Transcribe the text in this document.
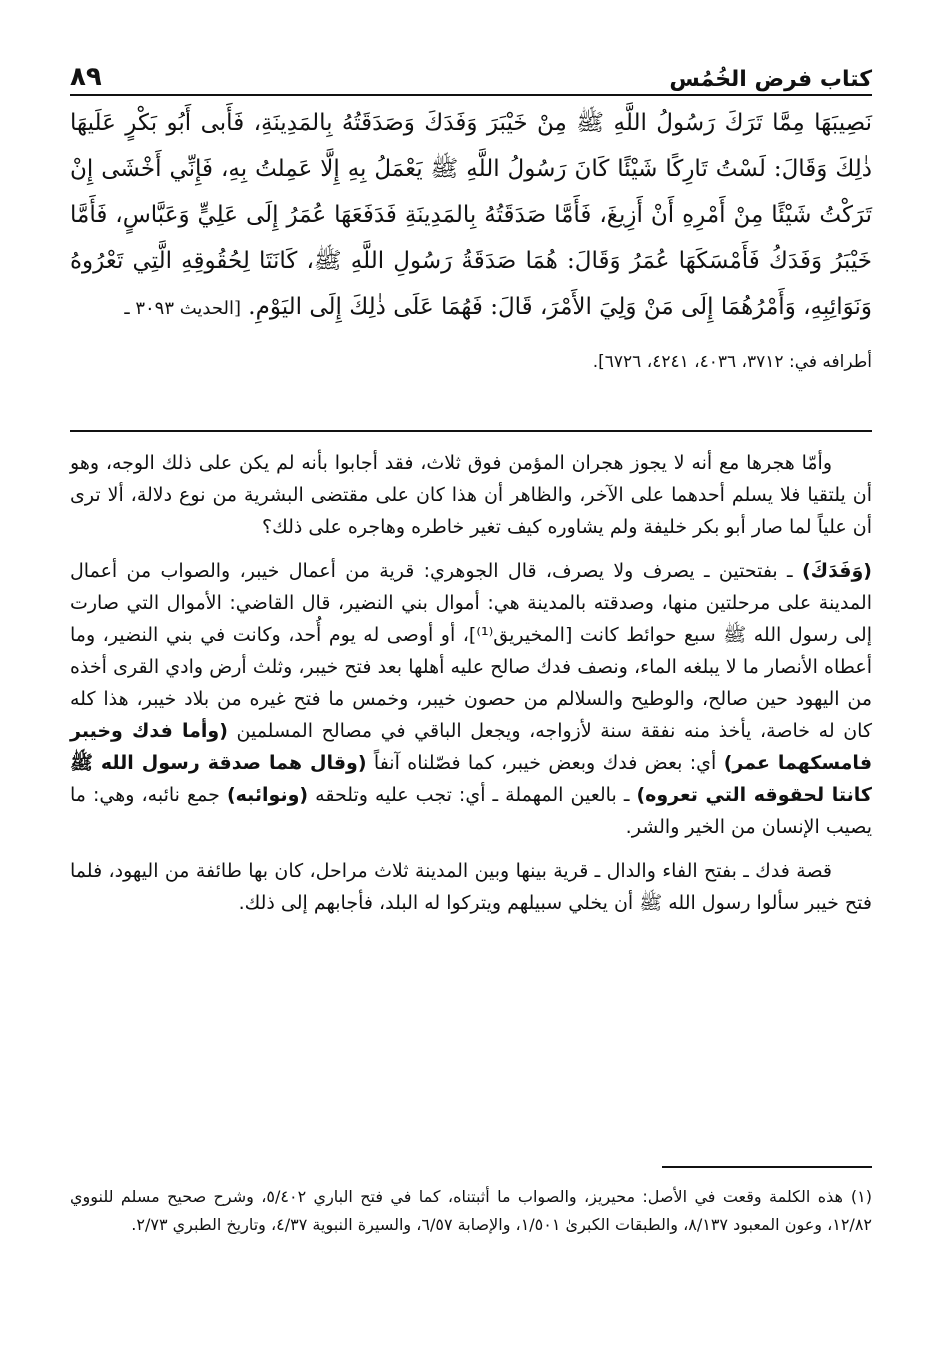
٨٩	كتاب فرض الخُمُس
نَصِيبَهَا مِمَّا تَرَكَ رَسُولُ اللَّهِ ﷺ مِنْ خَيْبَرَ وَفَدَكَ وَصَدَقَتُهُ بِالمَدِينَةِ، فَأَبى أَبُو بَكْرٍ عَلَيهَا ذٰلِكَ وَقَالَ: لَسْتُ تَارِكًا شَيْئًا كَانَ رَسُولُ اللَّهِ ﷺ يَعْمَلُ بِهِ إِلَّا عَمِلتُ بِهِ، فَإِنِّي أَخْشَى إِنْ تَرَكْتُ شَيْئًا مِنْ أَمْرِهِ أَنْ أَزِيغَ، فَأَمَّا صَدَقَتُهُ بِالمَدِينَةِ فَدَفَعَهَا عُمَرُ إِلَى عَلِيٍّ وَعَبَّاسٍ، فَأَمَّا خَيْبَرُ وَفَدَكُ فَأَمْسَكَهَا عُمَرُ وَقَالَ: هُمَا صَدَقَةُ رَسُولِ اللَّهِ ﷺ، كَانَتَا لِحُقُوقِهِ الَّتِي تَعْرُوهُ وَنَوَائِبِهِ، وَأَمْرُهُمَا إِلَى مَنْ وَلِيَ الأَمْرَ، قَالَ: فَهُمَا عَلَى ذٰلِكَ إِلَى اليَوْمِ. [الحديث ٣٠٩٣ ـ
أطرافه في: ٣٧١٢، ٤٠٣٦، ٤٢٤١، ٦٧٢٦].

وأمّا هجرها مع أنه لا يجوز هجران المؤمن فوق ثلاث، فقد أجابوا بأنه لم يكن على ذلك الوجه، وهو أن يلتقيا فلا يسلم أحدهما على الآخر، والظاهر أن هذا كان على مقتضى البشرية من نوع دلالة، ألا ترى أن علياً لما صار أبو بكر خليفة ولم يشاوره كيف تغير خاطره وهاجره على ذلك؟

(وَفَدَكَ) ـ بفتحتين ـ يصرف ولا يصرف، قال الجوهري: قرية من أعمال خيبر، والصواب من أعمال المدينة على مرحلتين منها، وصدقته بالمدينة هي: أموال بني النضير، قال القاضي: الأموال التي صارت إلى رسول الله ﷺ سبع حوائط كانت [المخيريق⁽¹⁾]، أو أوصى له يوم أُحد، وكانت في بني النضير، وما أعطاه الأنصار ما لا يبلغه الماء، ونصف فدك صالح عليه أهلها بعد فتح خيبر، وثلث أرض وادي القرى أخذه من اليهود حين صالح، والوطيح والسلالم من حصون خيبر، وخمس ما فتح غيره من بلاد خيبر، هذا كله كان له خاصة، يأخذ منه نفقة سنة لأزواجه، ويجعل الباقي في مصالح المسلمين (وأما فدك وخيبر فامسكهما عمر) أي: بعض فدك وبعض خيبر، كما فصّلناه آنفاً (وقال هما صدقة رسول الله ﷺ كانتا لحقوقه التي تعروه) ـ بالعين المهملة ـ أي: تجب عليه وتلحقه (ونوائبه) جمع نائبه، وهي: ما يصيب الإنسان من الخير والشر.

قصة فدك ـ بفتح الفاء والدال ـ قرية بينها وبين المدينة ثلاث مراحل، كان بها طائفة من اليهود، فلما فتح خيبر سألوا رسول الله ﷺ أن يخلي سبيلهم ويتركوا له البلد، فأجابهم إلى ذلك.

(١)هذه الكلمة وقعت في الأصل: محيريز، والصواب ما أثبتناه، كما في فتح الباري ٥/٤٠٢، وشرح صحيح مسلم للنووي ١٢/٨٢، وعون المعبود ٨/١٣٧، والطبقات الكبرىٰ ١/٥٠١، والإصابة ٦/٥٧، والسيرة النبوية ٤/٣٧، وتاريخ الطبري ٢/٧٣.
